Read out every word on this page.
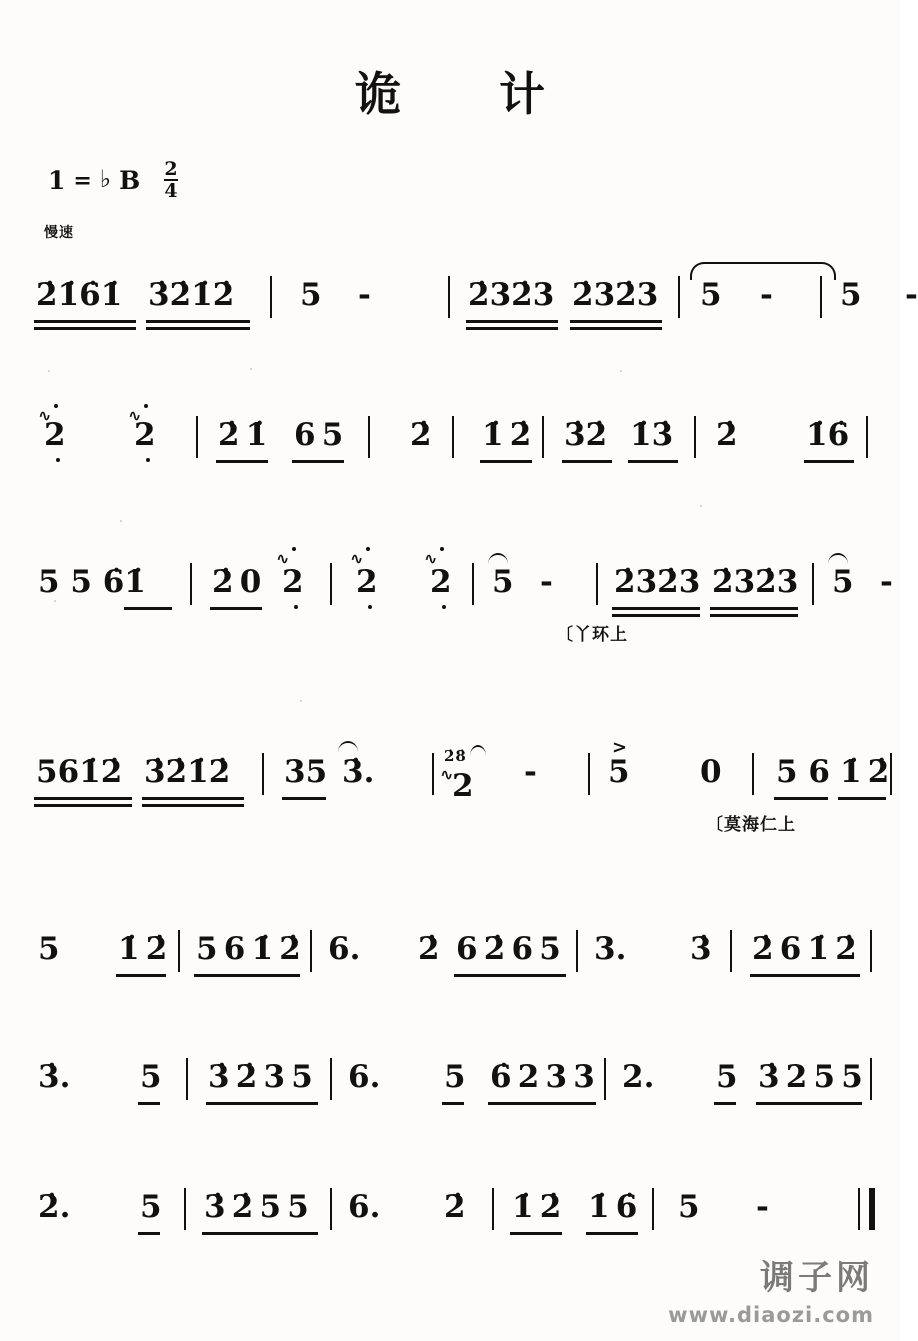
诡　计
1 = ♭ B $\frac{2}{4}$
慢速
2̇1̇6̇1̇ 3̇2̇1̇2̇ 5 -	2̇32̇3 2̇32̇3 5 - 5 -
∿
2
∿
2 2̇ 1̇ 6 5 2̇ 1̇ 2̇ 3̇2̇ 1̇3̇ 2̇ 1̇6̇
5 5 6̇1̇ 2̇ 0
∿
2
∿
2
∿
2 5 - 2̇32̇3 2̇32̇3 5 -
〔丫环上
561̇2̇ 3̇2̇1̇2̇ 35 3̇.	2̇8̇
∿
2 -
>
5 0 5 6 1̇ 2̇
〔莫海仁上
5 1̇ 2̇ 5 6 1̇ 2̇ 6. 2̇ 6 2̇ 6 5 3. 3̇ 2̇ 6 1̇ 2̇
3̇. 5 3̇ 2̇ 3 5 6. 5 6̇ 2 3 3 2. 5 3̇ 2 5 5
2̇. 5 3̇ 2̇ 5 5 6. 2̇ 1̇ 2̇ 1̇ 6̇ 5 -
调子网
www.diaozi.com
